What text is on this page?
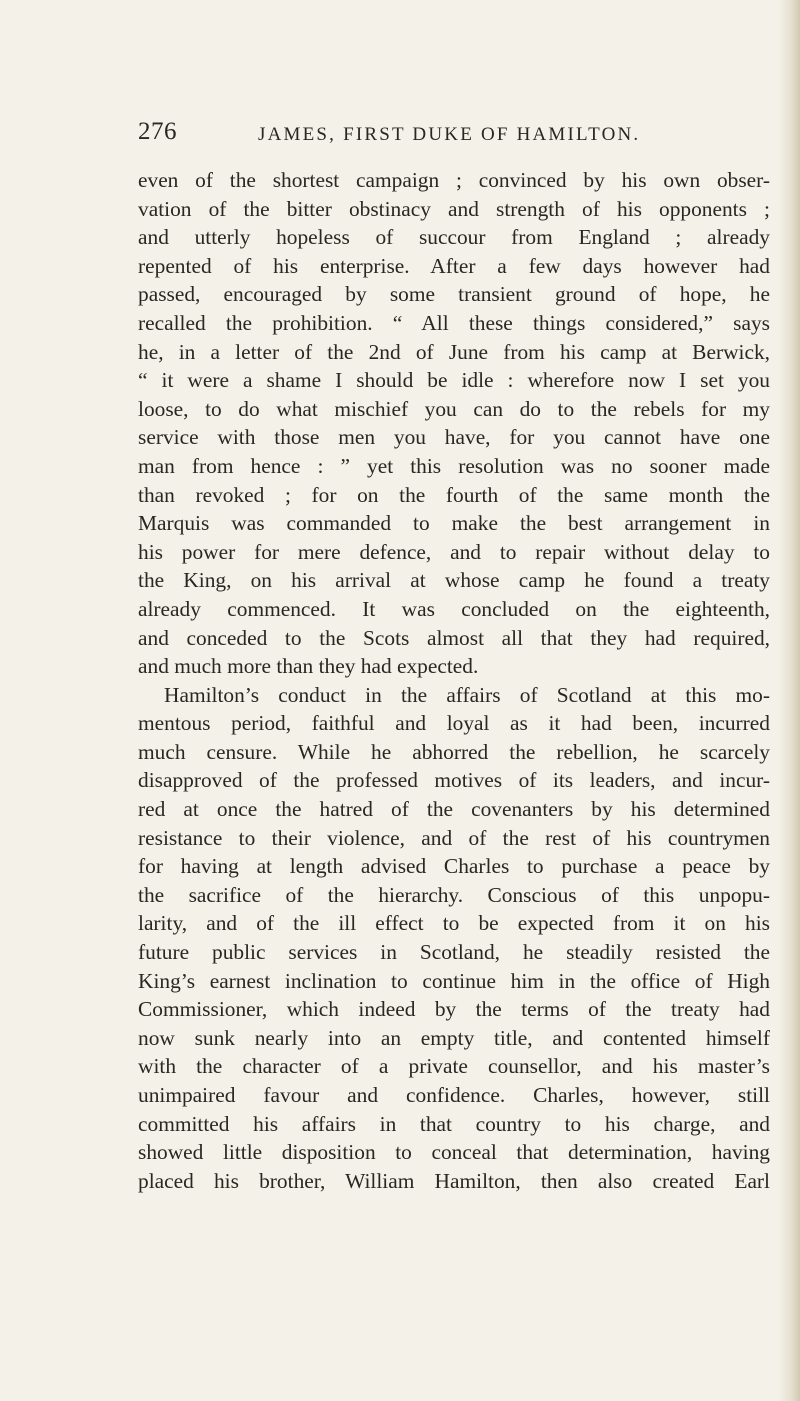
276	JAMES, FIRST DUKE OF HAMILTON.
even of the shortest campaign ; convinced by his own obser-
vation of the bitter obstinacy and strength of his opponents ;
and utterly hopeless of succour from England ; already
repented of his enterprise. After a few days however had
passed, encouraged by some transient ground of hope, he
recalled the prohibition. “ All these things considered,” says
he, in a letter of the 2nd of June from his camp at Berwick,
“ it were a shame I should be idle : wherefore now I set you
loose, to do what mischief you can do to the rebels for my
service with those men you have, for you cannot have one
man from hence : ” yet this resolution was no sooner made
than revoked ; for on the fourth of the same month the
Marquis was commanded to make the best arrangement in
his power for mere defence, and to repair without delay to
the King, on his arrival at whose camp he found a treaty
already commenced. It was concluded on the eighteenth,
and conceded to the Scots almost all that they had required,
and much more than they had expected.
Hamilton’s conduct in the affairs of Scotland at this mo-
mentous period, faithful and loyal as it had been, incurred
much censure. While he abhorred the rebellion, he scarcely
disapproved of the professed motives of its leaders, and incur-
red at once the hatred of the covenanters by his determined
resistance to their violence, and of the rest of his countrymen
for having at length advised Charles to purchase a peace by
the sacrifice of the hierarchy. Conscious of this unpopu-
larity, and of the ill effect to be expected from it on his
future public services in Scotland, he steadily resisted the
King’s earnest inclination to continue him in the office of High
Commissioner, which indeed by the terms of the treaty had
now sunk nearly into an empty title, and contented himself
with the character of a private counsellor, and his master’s
unimpaired favour and confidence. Charles, however, still
committed his affairs in that country to his charge, and
showed little disposition to conceal that determination, having
placed his brother, William Hamilton, then also created Earl
